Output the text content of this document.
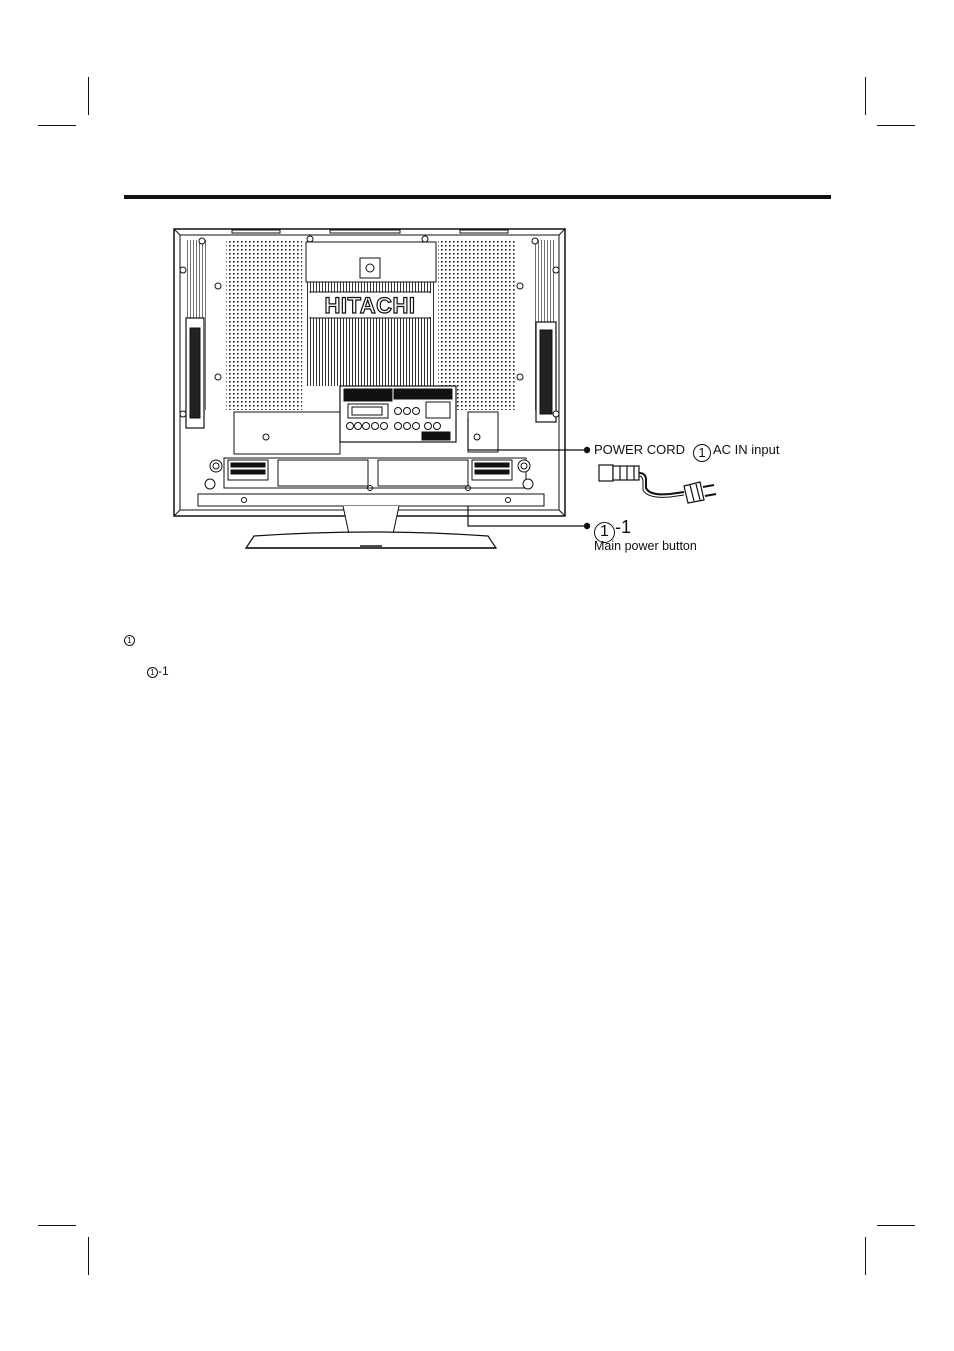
HITACHI
POWER CORD 1 AC IN input
1 -1
Main power button
1
1 -1
